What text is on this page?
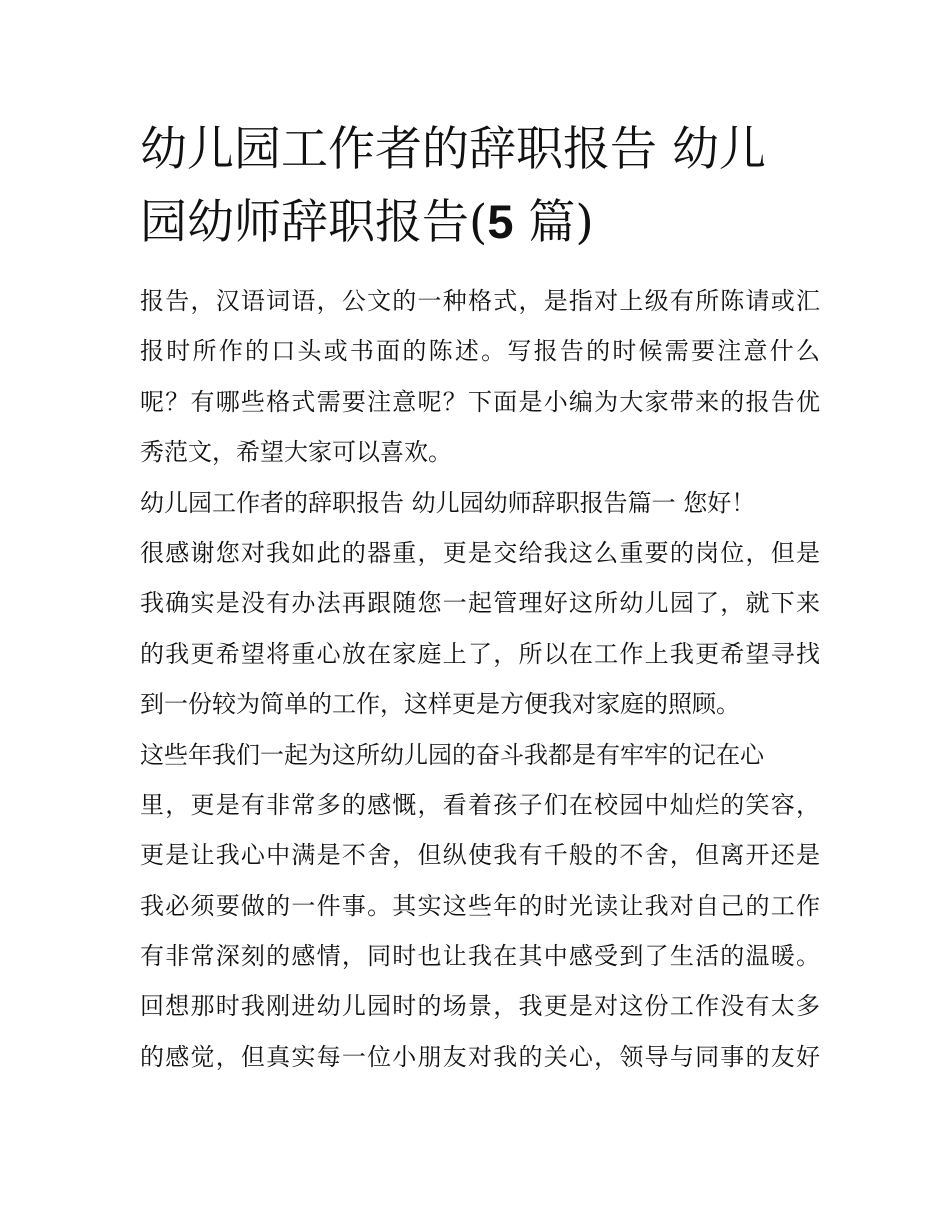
幼儿园工作者的辞职报告 幼儿
园幼师辞职报告(5 篇)
报告，汉语词语，公文的一种格式，是指对上级有所陈请或汇
报时所作的口头或书面的陈述。写报告的时候需要注意什么
呢？有哪些格式需要注意呢？下面是小编为大家带来的报告优
秀范文，希望大家可以喜欢。
幼儿园工作者的辞职报告 幼儿园幼师辞职报告篇一 您好！
很感谢您对我如此的器重，更是交给我这么重要的岗位，但是
我确实是没有办法再跟随您一起管理好这所幼儿园了，就下来
的我更希望将重心放在家庭上了，所以在工作上我更希望寻找
到一份较为简单的工作，这样更是方便我对家庭的照顾。
这些年我们一起为这所幼儿园的奋斗我都是有牢牢的记在心
里，更是有非常多的感慨，看着孩子们在校园中灿烂的笑容，
更是让我心中满是不舍，但纵使我有千般的不舍，但离开还是
我必须要做的一件事。其实这些年的时光读让我对自己的工作
有非常深刻的感情，同时也让我在其中感受到了生活的温暖。
回想那时我刚进幼儿园时的场景，我更是对这份工作没有太多
的感觉，但真实每一位小朋友对我的关心，领导与同事的友好
